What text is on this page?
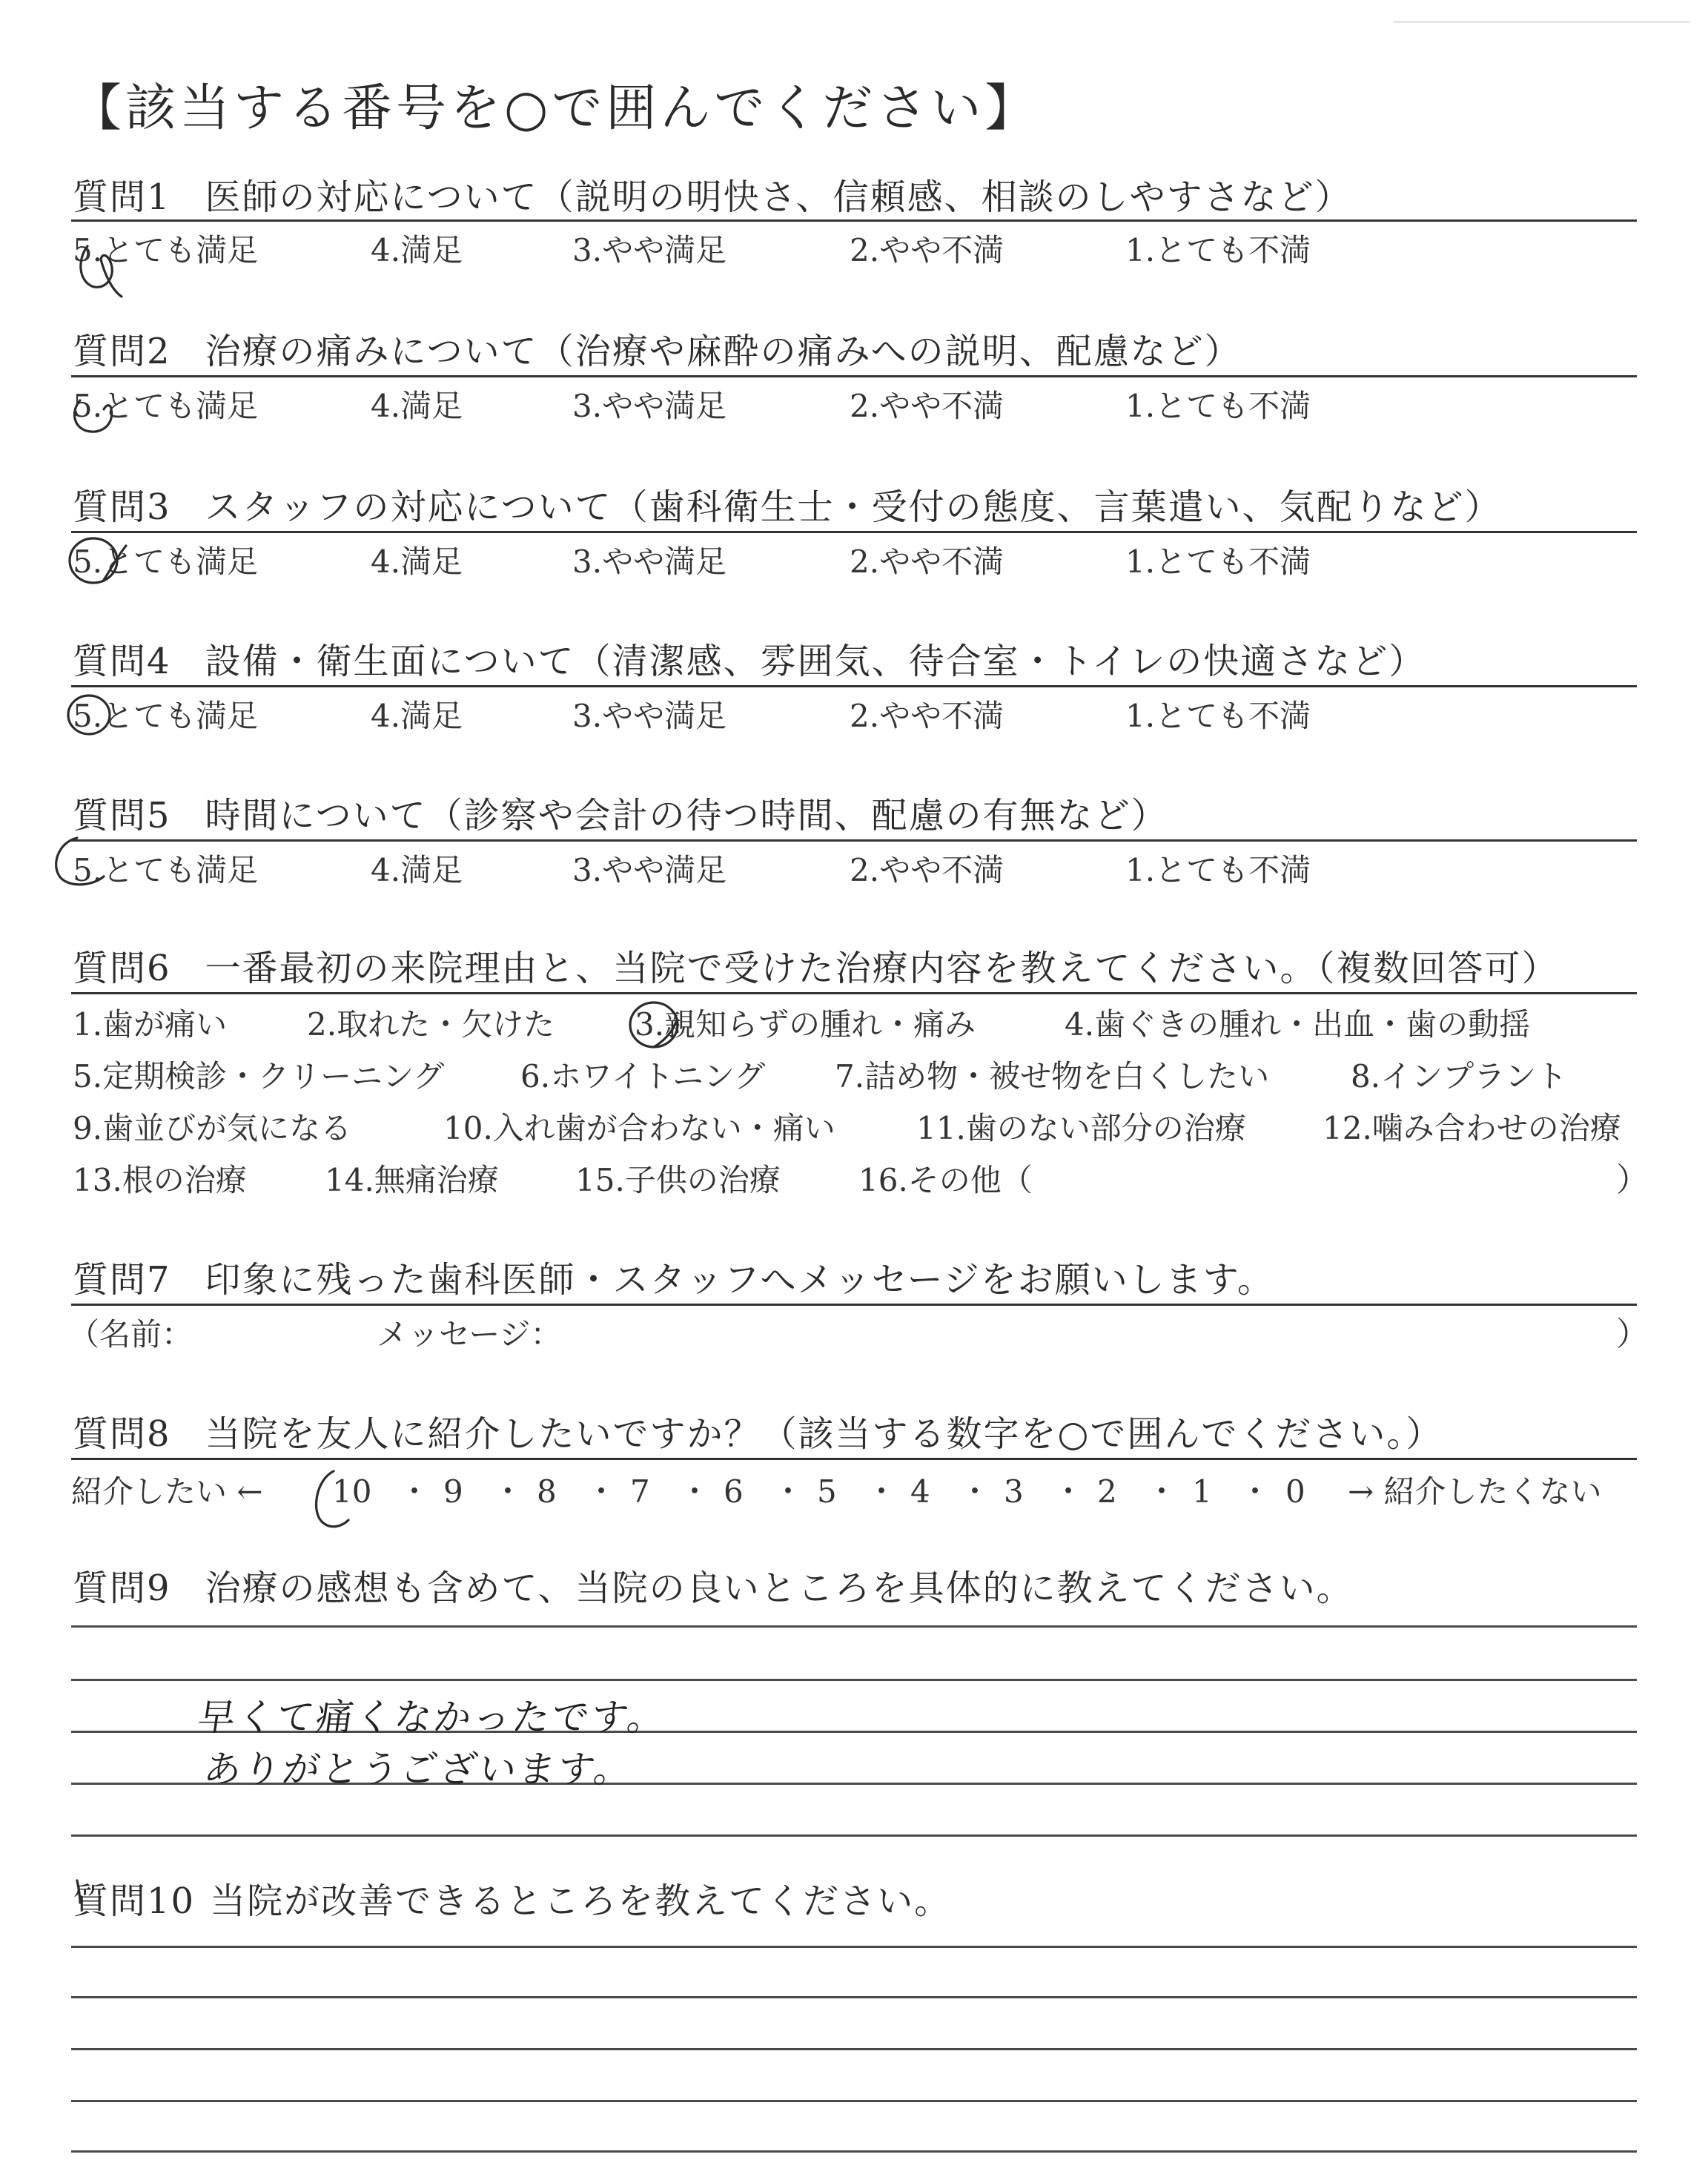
【該当する番号を○で囲んでください】
質問1 医師の対応について（説明の明快さ、信頼感、相談のしやすさなど）
5.とても満足	4.満足	3.やや満足	2.やや不満	1.とても不満
質問2 治療の痛みについて（治療や麻酔の痛みへの説明、配慮など）
5.とても満足	4.満足	3.やや満足	2.やや不満	1.とても不満
質問3 スタッフの対応について（歯科衛生士・受付の態度、言葉遣い、気配りなど）
5.とても満足	4.満足	3.やや満足	2.やや不満	1.とても不満
質問4 設備・衛生面について（清潔感、雰囲気、待合室・トイレの快適さなど）
5.とても満足	4.満足	3.やや満足	2.やや不満	1.とても不満
質問5 時間について（診察や会計の待つ時間、配慮の有無など）
5.とても満足	4.満足	3.やや満足	2.やや不満	1.とても不満
質問6 一番最初の来院理由と、当院で受けた治療内容を教えてください。（複数回答可）
1.歯が痛い	2.取れた・欠けた	3.親知らずの腫れ・痛み	4.歯ぐきの腫れ・出血・歯の動揺
5.定期検診・クリーニング 6.ホワイトニング 7.詰め物・被せ物を白くしたい	8.インプラント
9.歯並びが気になる	10.入れ歯が合わない・痛い	11.歯のない部分の治療 12.噛み合わせの治療
13.根の治療	14.無痛治療 15.子供の治療	16.その他（	）
質問7 印象に残った歯科医師・スタッフへメッセージをお願いします。
（名前：	メッセージ：	）
質問8 当院を友人に紹介したいですか？（該当する数字を○で囲んでください。）
紹介したい ←	→ 紹介したくない
10 ・ 9 ・ 8 ・ 7 ・ 6 ・ 5 ・ 4 ・ 3 ・ 2 ・ 1 ・ 0
質問9 治療の感想も含めて、当院の良いところを具体的に教えてください。
早くて痛くなかったです。
ありがとうございます。
質問10 当院が改善できるところを教えてください。
